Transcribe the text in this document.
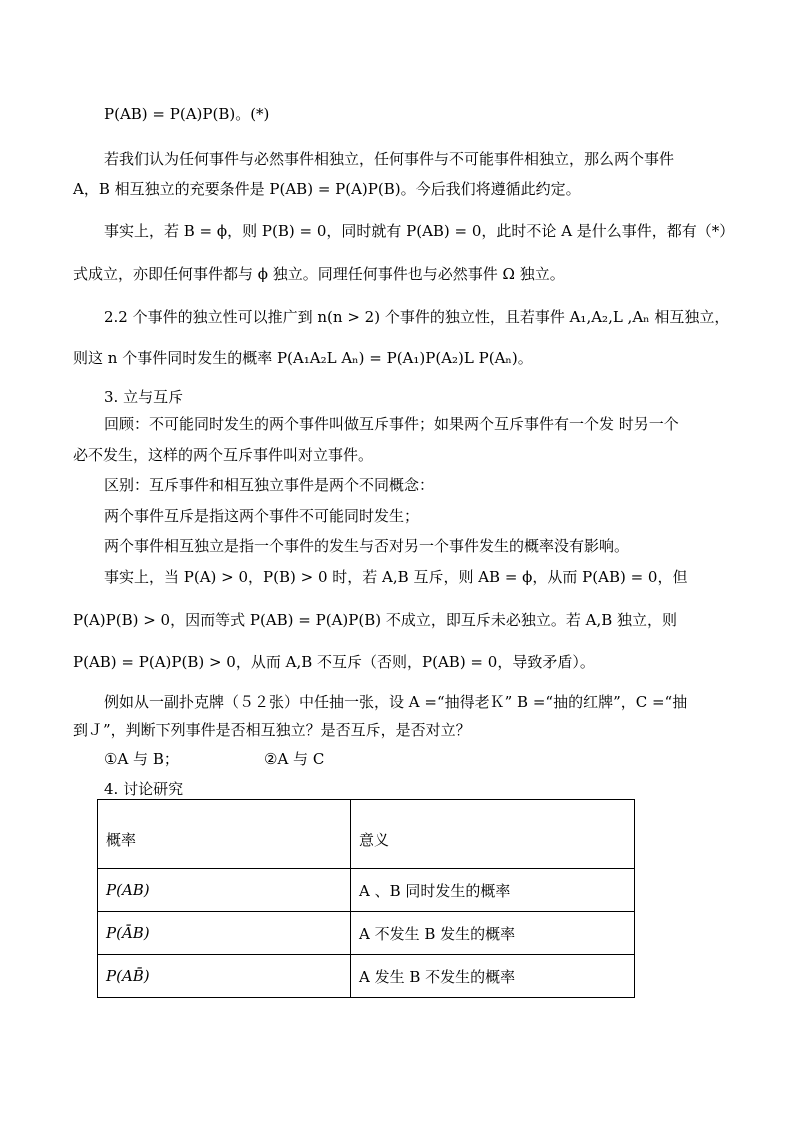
P(AB) = P(A)P(B)。(*)
若我们认为任何事件与必然事件相独立，任何事件与不可能事件相独立，那么两个事件
A，B 相互独立的充要条件是 P(AB) = P(A)P(B)。今后我们将遵循此约定。
事实上，若 B = ϕ，则 P(B) = 0，同时就有 P(AB) = 0，此时不论 A 是什么事件，都有（*）
式成立，亦即任何事件都与 ϕ 独立。同理任何事件也与必然事件 Ω 独立。
2.2 个事件的独立性可以推广到 n(n > 2) 个事件的独立性，且若事件 A₁,A₂,L ,Aₙ 相互独立，
则这 n 个事件同时发生的概率 P(A₁A₂L Aₙ) = P(A₁)P(A₂)L P(Aₙ)。
3. 立与互斥
回顾：不可能同时发生的两个事件叫做互斥事件；如果两个互斥事件有一个发 时另一个
必不发生，这样的两个互斥事件叫对立事件。
区别：互斥事件和相互独立事件是两个不同概念：
两个事件互斥是指这两个事件不可能同时发生；
两个事件相互独立是指一个事件的发生与否对另一个事件发生的概率没有影响。
事实上，当 P(A) > 0，P(B) > 0 时，若 A,B 互斥，则 AB = ϕ，从而 P(AB) = 0，但
P(A)P(B) > 0，因而等式 P(AB) = P(A)P(B) 不成立，即互斥未必独立。若 A,B 独立，则
P(AB) = P(A)P(B) > 0，从而 A,B 不互斥（否则，P(AB) = 0，导致矛盾）。
例如从一副扑克牌（５２张）中任抽一张，设 A =“抽得老Ｋ” B =“抽的红牌”，C =“抽
到Ｊ”，判断下列事件是否相互独立？是否互斥，是否对立？
①A 与 B；	②A 与 C
4. 讨论研究
概率	意义
P(AB)	A 、B 同时发生的概率
P(ĀB)	A 不发生 B 发生的概率
P(AB̄)	A 发生 B 不发生的概率
